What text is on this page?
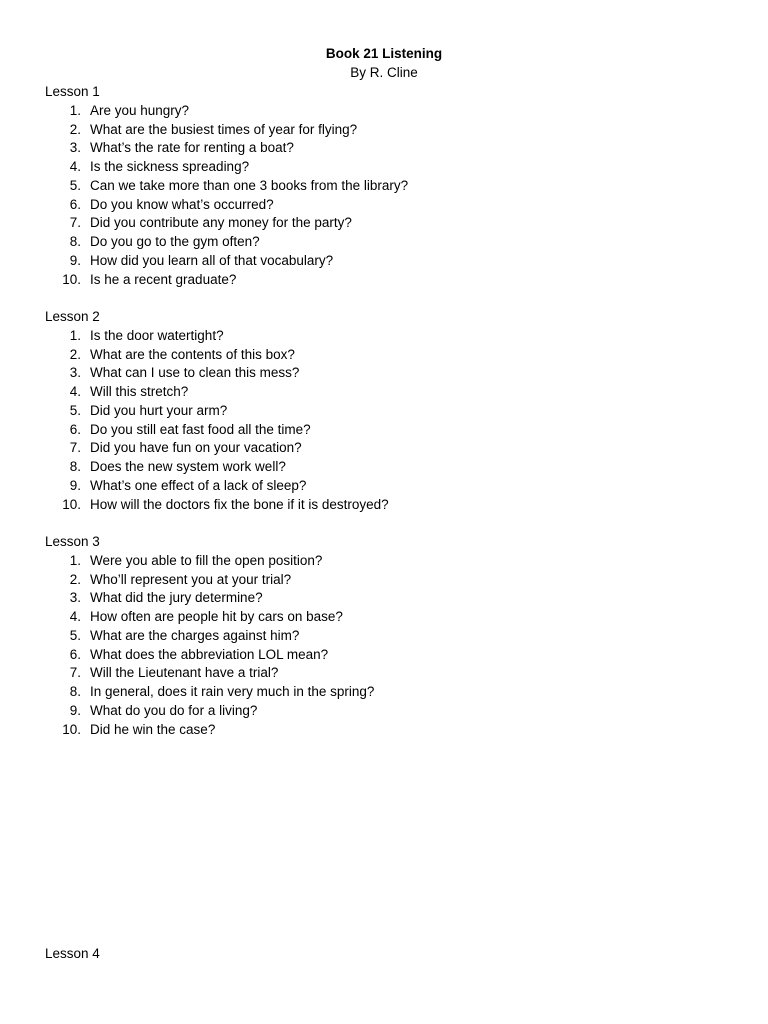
Book 21 Listening
By R. Cline
Lesson 1
1. Are you hungry?
2. What are the busiest times of year for flying?
3. What’s the rate for renting a boat?
4. Is the sickness spreading?
5. Can we take more than one 3 books from the library?
6. Do you know what’s occurred?
7. Did you contribute any money for the party?
8. Do you go to the gym often?
9. How did you learn all of that vocabulary?
10. Is he a recent graduate?
Lesson 2
1. Is the door watertight?
2. What are the contents of this box?
3. What can I use to clean this mess?
4. Will this stretch?
5. Did you hurt your arm?
6. Do you still eat fast food all the time?
7. Did you have fun on your vacation?
8. Does the new system work well?
9. What’s one effect of a lack of sleep?
10. How will the doctors fix the bone if it is destroyed?
Lesson 3
1. Were you able to fill the open position?
2. Who’ll represent you at your trial?
3. What did the jury determine?
4. How often are people hit by cars on base?
5. What are the charges against him?
6. What does the abbreviation LOL mean?
7. Will the Lieutenant have a trial?
8. In general, does it rain very much in the spring?
9. What do you do for a living?
10. Did he win the case?
Lesson 4
